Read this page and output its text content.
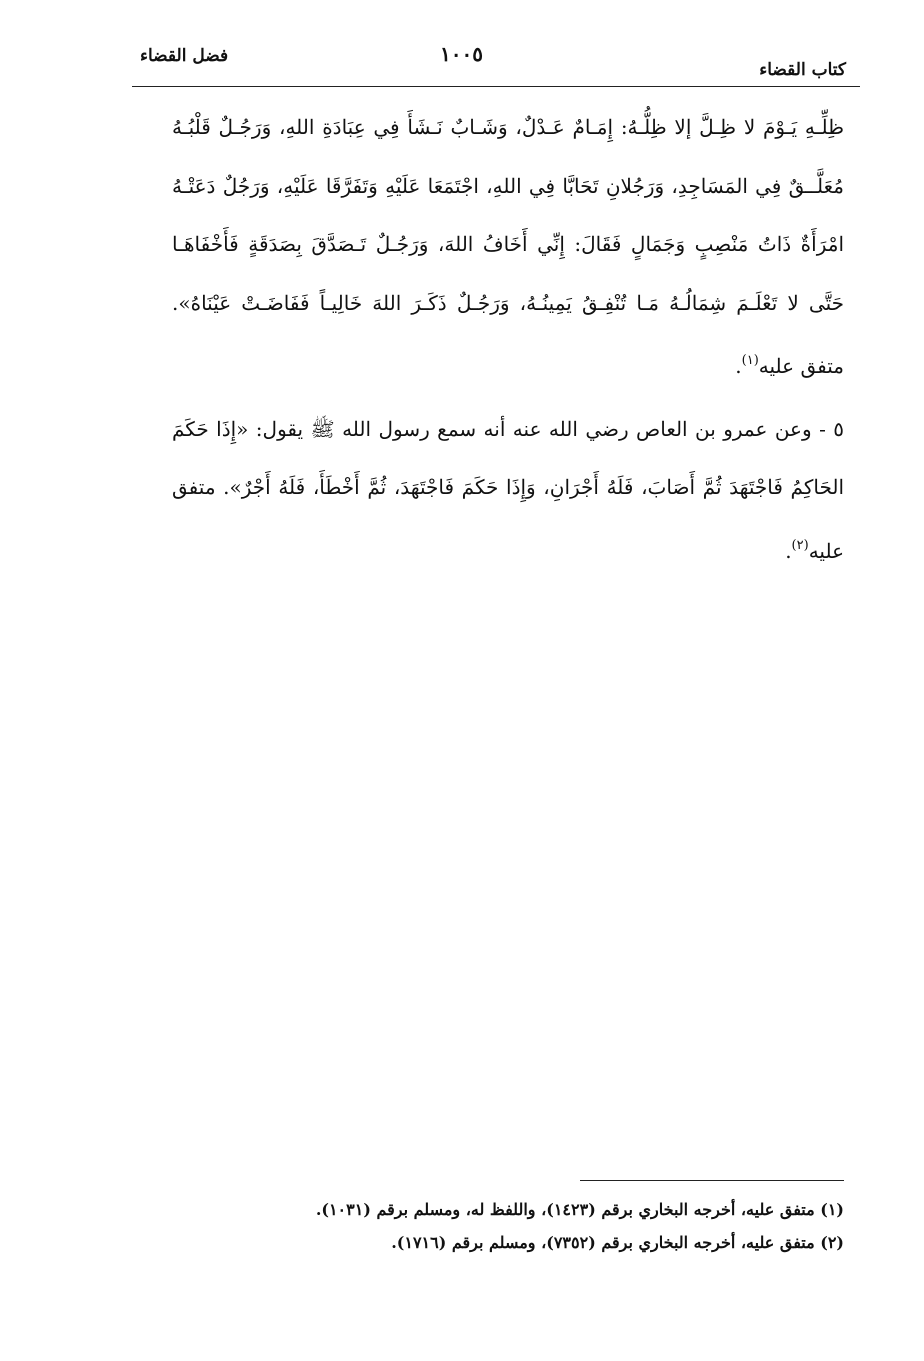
كتاب القضاء
١٠٠٥
فضل القضاء

ظِلِّـهِ يَـوْمَ لا ظِـلَّ إلا ظِلُّـهُ: إِمَـامٌ عَـدْلٌ، وَشَـابٌ نَـشَأَ فِي عِبَادَةِ اللهِ، وَرَجُـلٌ قَلْبُـهُ مُعَلَّــقٌ فِي المَسَاجِدِ، وَرَجُلانِ تَحَابَّا فِي اللهِ، اجْتَمَعَا عَلَيْهِ وَتَفَرَّقَا عَلَيْهِ، وَرَجُلٌ دَعَتْـهُ امْرَأَةٌ ذَاتُ مَنْصِبٍ وَجَمَالٍ فَقَالَ: إِنِّي أَخَافُ اللهَ، وَرَجُـلٌ تَـصَدَّقَ بِصَدَقَةٍ فَأَخْفَاهَـا حَتَّى لا تَعْلَـمَ شِمَالُـهُ مَـا تُنْفِـقُ يَمِينُـهُ، وَرَجُـلٌ ذَكَـرَ اللهَ خَالِيـاً فَفَاضَـتْ عَيْنَاهُ». متفق عليه$^{(١)}$.

٥ - وعن عمرو بن العاص رضي الله عنه أنه سمع رسول الله ﷺ يقول: «إِذَا حَكَمَ الحَاكِمُ فَاجْتَهَدَ ثُمَّ أَصَابَ، فَلَهُ أَجْرَانِ، وَإِذَا حَكَمَ فَاجْتَهَدَ، ثُمَّ أَخْطَأَ، فَلَهُ أَجْرٌ». متفق عليه$^{(٢)}$.

(١) متفق عليه، أخرجه البخاري برقم (١٤٢٣)، واللفظ له، ومسلم برقم (١٠٣١).

(٢) متفق عليه، أخرجه البخاري برقم (٧٣٥٢)، ومسلم برقم (١٧١٦).
